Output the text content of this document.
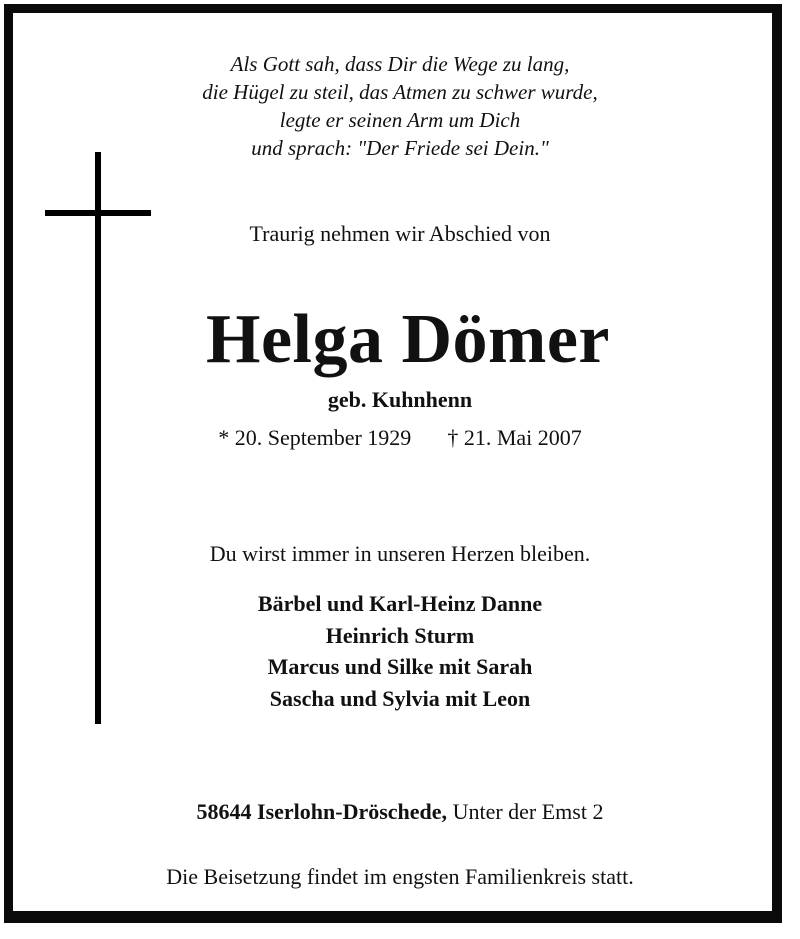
Als Gott sah, dass Dir die Wege zu lang,
die Hügel zu steil, das Atmen zu schwer wurde,
legte er seinen Arm um Dich
und sprach: "Der Friede sei Dein."
Traurig nehmen wir Abschied von
Helga Dömer
geb. Kuhnhenn
* 20. September 1929 † 21. Mai 2007
Du wirst immer in unseren Herzen bleiben.
Bärbel und Karl-Heinz Danne
Heinrich Sturm
Marcus und Silke mit Sarah
Sascha und Sylvia mit Leon
58644 Iserlohn-Dröschede, Unter der Emst 2
Die Beisetzung findet im engsten Familienkreis statt.
